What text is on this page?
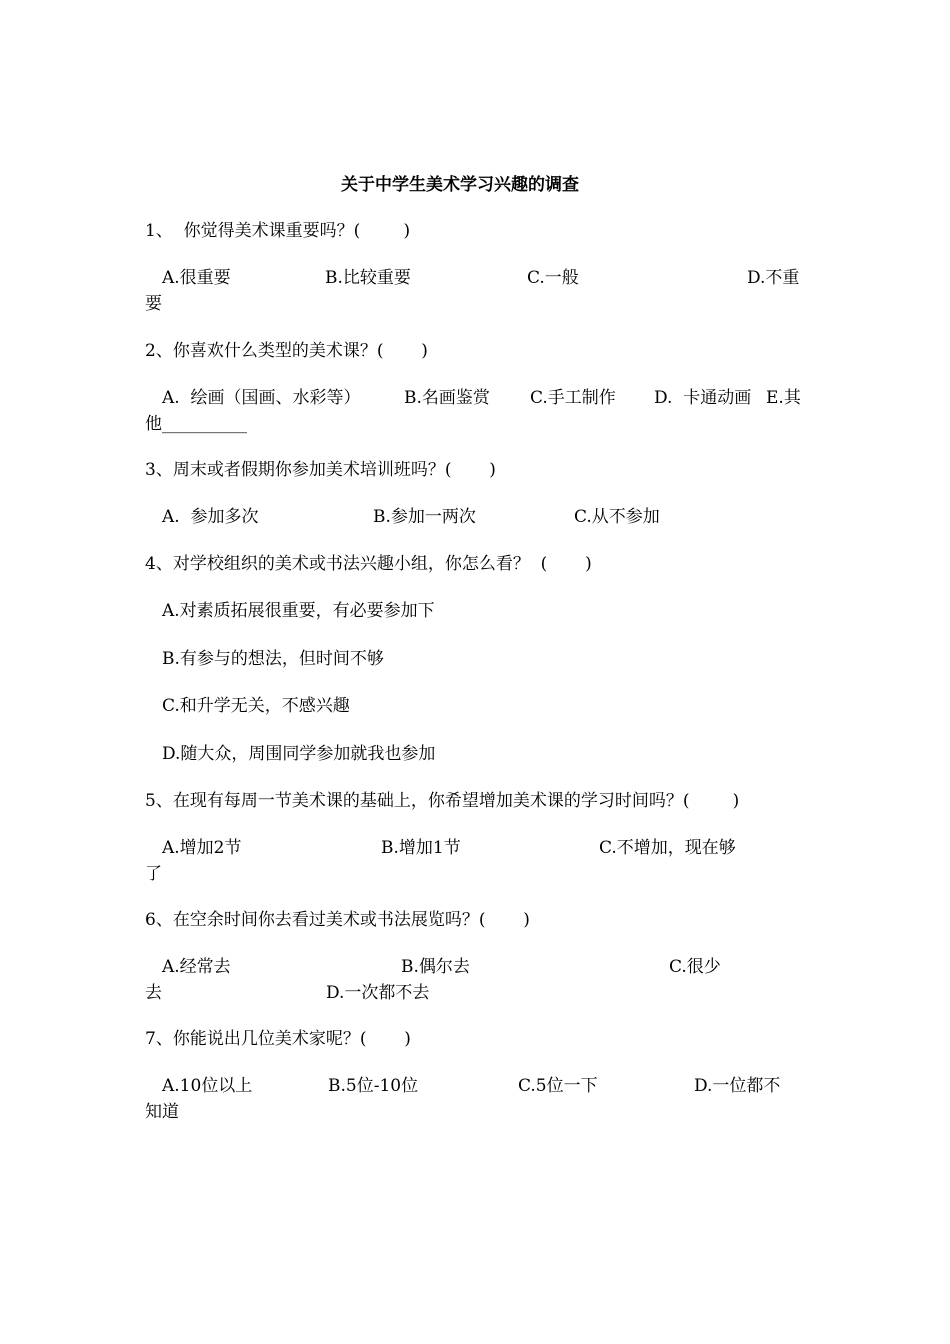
关于中学生美术学习兴趣的调查
1、  你觉得美术课重要吗？(        )
A.很重要	B.比较重要	C.一般	D.不重
要
2、你喜欢什么类型的美术课？(       )
A.  绘画（国画、水彩等）	B.名画鉴赏 C.手工制作 D.  卡通动画 E.其
他__________
3、周末或者假期你参加美术培训班吗？(       )
A.  参加多次	B.参加一两次	C.从不参加
4、对学校组织的美术或书法兴趣小组，你怎么看？  (       )
A.对素质拓展很重要，有必要参加下
B.有参与的想法，但时间不够
C.和升学无关，不感兴趣
D.随大众，周围同学参加就我也参加
5、在现有每周一节美术课的基础上，你希望增加美术课的学习时间吗？(        )
A.增加2节	B.增加1节	C.不增加，现在够
了
6、在空余时间你去看过美术或书法展览吗？(       )
A.经常去	B.偶尔去	C.很少
去	D.一次都不去
7、你能说出几位美术家呢？(       )
A.10位以上	B.5位-10位	C.5位一下	D.一位都不
知道
